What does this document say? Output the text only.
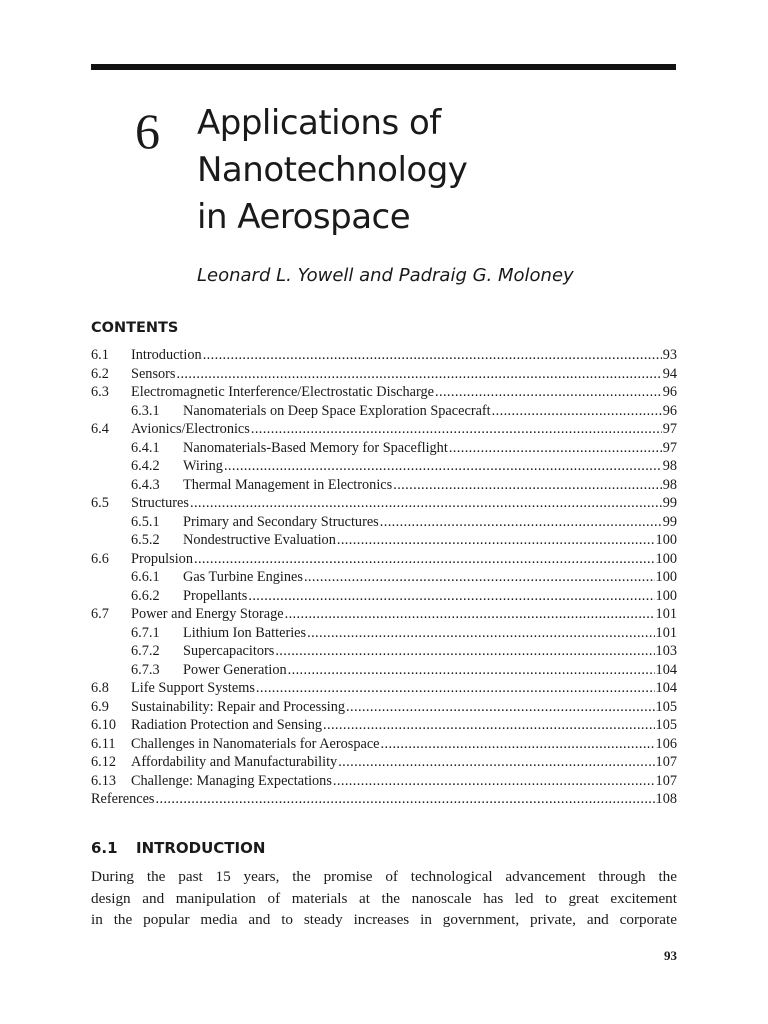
6 Applications of
Nanotechnology
in Aerospace
Leonard L. Yowell and Padraig G. Moloney
CONTENTS
6.1	Introduction .....	93
6.2	Sensors .....	94
6.3	Electromagnetic Interference/Electrostatic Discharge .....	96
6.3.1	Nanomaterials on Deep Space Exploration Spacecraft .....	96
6.4	Avionics/Electronics .....	97
6.4.1	Nanomaterials-Based Memory for Spaceflight .....	97
6.4.2	Wiring .....	98
6.4.3	Thermal Management in Electronics .....	98
6.5	Structures .....	99
6.5.1	Primary and Secondary Structures .....	99
6.5.2	Nondestructive Evaluation .....	100
6.6	Propulsion .....	100
6.6.1	Gas Turbine Engines .....	100
6.6.2	Propellants .....	100
6.7	Power and Energy Storage .....	101
6.7.1	Lithium Ion Batteries .....	101
6.7.2	Supercapacitors .....	103
6.7.3	Power Generation .....	104
6.8	Life Support Systems .....	104
6.9	Sustainability: Repair and Processing .....	105
6.10	Radiation Protection and Sensing .....	105
6.11	Challenges in Nanomaterials for Aerospace .....	106
6.12	Affordability and Manufacturability .....	107
6.13	Challenge: Managing Expectations .....	107
References .....	108
6.1 INTRODUCTION

During the past 15 years, the promise of technological advancement through the
design and manipulation of materials at the nanoscale has led to great excitement
in the popular media and to steady increases in government, private, and corporate

93
